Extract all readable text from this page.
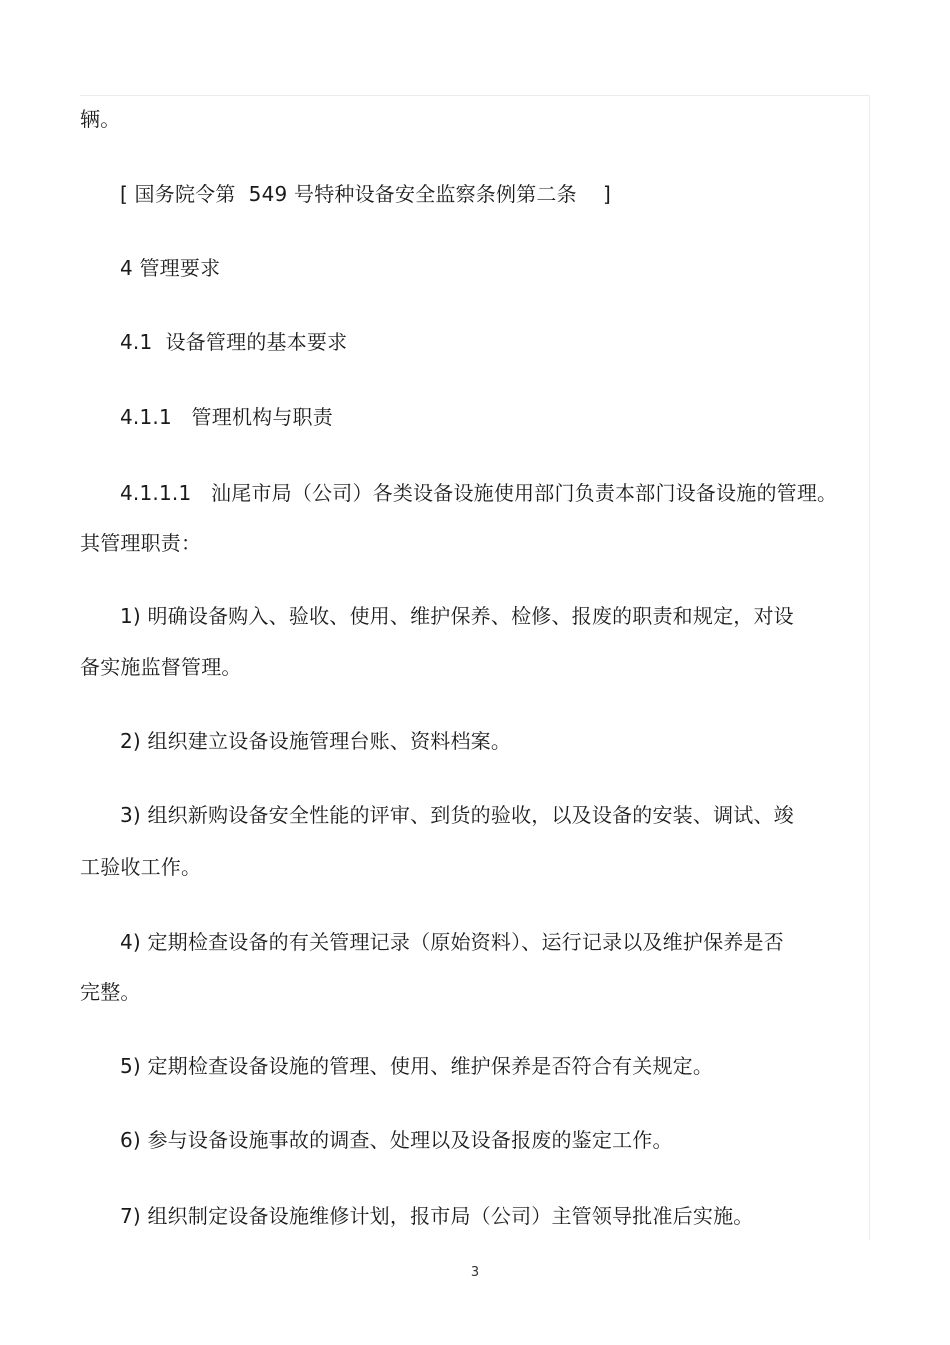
辆。
[ 国务院令第  549 号特种设备安全监察条例第二条    ]
4 管理要求
4.1  设备管理的基本要求
4.1.1   管理机构与职责
4.1.1.1   汕尾市局（公司）各类设备设施使用部门负责本部门设备设施的管理。
其管理职责：
1) 明确设备购入、验收、使用、维护保养、检修、报废的职责和规定，对设
备实施监督管理。
2) 组织建立设备设施管理台账、资料档案。
3) 组织新购设备安全性能的评审、到货的验收，以及设备的安装、调试、竣
工验收工作。
4) 定期检查设备的有关管理记录（原始资料）、运行记录以及维护保养是否
完整。
5) 定期检查设备设施的管理、使用、维护保养是否符合有关规定。
6) 参与设备设施事故的调查、处理以及设备报废的鉴定工作。
7) 组织制定设备设施维修计划，报市局（公司）主管领导批准后实施。
3
